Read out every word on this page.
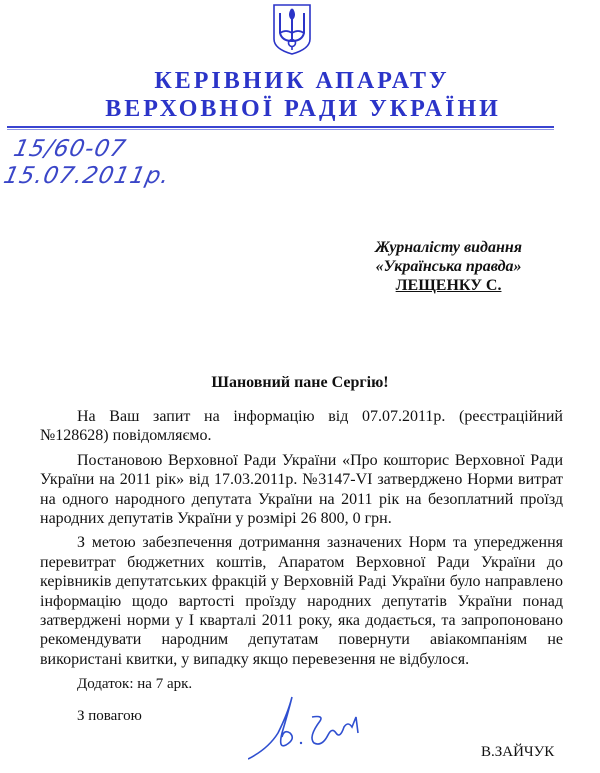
КЕРІВНИК АПАРАТУ
ВЕРХОВНОЇ РАДИ УКРАЇНИ
15/60-07
15.07.2011р.
Журналісту видання
«Українська правда»
ЛЕЩЕНКУ С.
Шановний пане Сергію!

На Ваш запит на інформацію від 07.07.2011р. (реєстраційний №128628) повідомляємо.

Постановою Верховної Ради України «Про кошторис Верховної Ради України на 2011 рік» від 17.03.2011р. №3147-VI затверджено Норми витрат на одного народного депутата України на 2011 рік на безоплатний проїзд народних депутатів України у розмірі 26 800, 0 грн.

З метою забезпечення дотримання зазначених Норм та упередження перевитрат бюджетних коштів, Апаратом Верховної Ради України до керівників депутатських фракцій у Верховній Раді України було направлено інформацію щодо вартості проїзду народних депутатів України понад затверджені норми у I кварталі 2011 року, яка додається, та запропоновано рекомендувати народним депутатам повернути авіакомпаніям не використані квитки, у випадку якщо перевезення не відбулося.

Додаток: на 7 арк.
З повагою
В.ЗАЙЧУК
